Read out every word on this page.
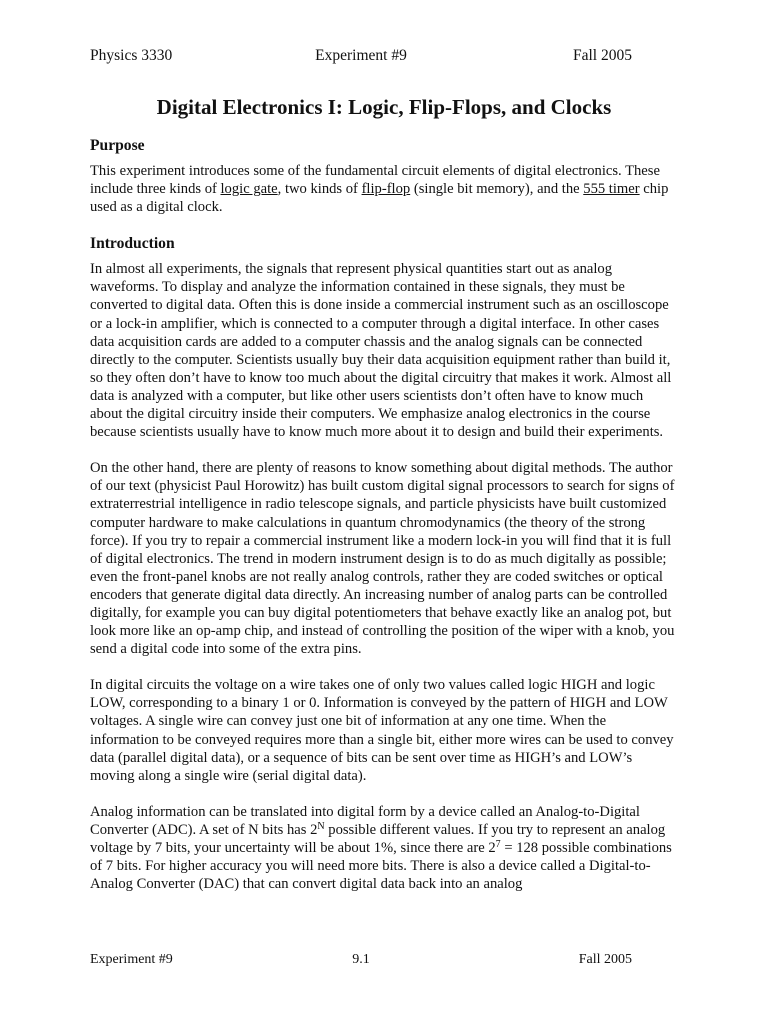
Physics 3330	Experiment #9	Fall 2005
Digital Electronics I: Logic, Flip-Flops, and Clocks
Purpose

This experiment introduces some of the fundamental circuit elements of digital electronics. These include three kinds of logic gate, two kinds of flip-flop (single bit memory), and the 555 timer chip used as a digital clock.

Introduction

In almost all experiments, the signals that represent physical quantities start out as analog waveforms. To display and analyze the information contained in these signals, they must be converted to digital data. Often this is done inside a commercial instrument such as an oscilloscope or a lock-in amplifier, which is connected to a computer through a digital interface. In other cases data acquisition cards are added to a computer chassis and the analog signals can be connected directly to the computer. Scientists usually buy their data acquisition equipment rather than build it, so they often don’t have to know too much about the digital circuitry that makes it work. Almost all data is analyzed with a computer, but like other users scientists don’t often have to know much about the digital circuitry inside their computers. We emphasize analog electronics in the course because scientists usually have to know much more about it to design and build their experiments.

On the other hand, there are plenty of reasons to know something about digital methods. The author of our text (physicist Paul Horowitz) has built custom digital signal processors to search for signs of extraterrestrial intelligence in radio telescope signals, and particle physicists have built customized computer hardware to make calculations in quantum chromodynamics (the theory of the strong force). If you try to repair a commercial instrument like a modern lock-in you will find that it is full of digital electronics. The trend in modern instrument design is to do as much digitally as possible; even the front-panel knobs are not really analog controls, rather they are coded switches or optical encoders that generate digital data directly. An increasing number of analog parts can be controlled digitally, for example you can buy digital potentiometers that behave exactly like an analog pot, but look more like an op-amp chip, and instead of controlling the position of the wiper with a knob, you send a digital code into some of the extra pins.

In digital circuits the voltage on a wire takes one of only two values called logic HIGH and logic LOW, corresponding to a binary 1 or 0. Information is conveyed by the pattern of HIGH and LOW voltages. A single wire can convey just one bit of information at any one time. When the information to be conveyed requires more than a single bit, either more wires can be used to convey data (parallel digital data), or a sequence of bits can be sent over time as HIGH’s and LOW’s moving along a single wire (serial digital data).

Analog information can be translated into digital form by a device called an Analog-to-Digital Converter (ADC). A set of N bits has $2^N$ possible different values. If you try to represent an analog voltage by 7 bits, your uncertainty will be about 1%, since there are $2^7 = 128$ possible combinations of 7 bits. For higher accuracy you will need more bits. There is also a device called a Digital-to-Analog Converter (DAC) that can convert digital data back into an analog

Experiment #9	9.1	Fall 2005
